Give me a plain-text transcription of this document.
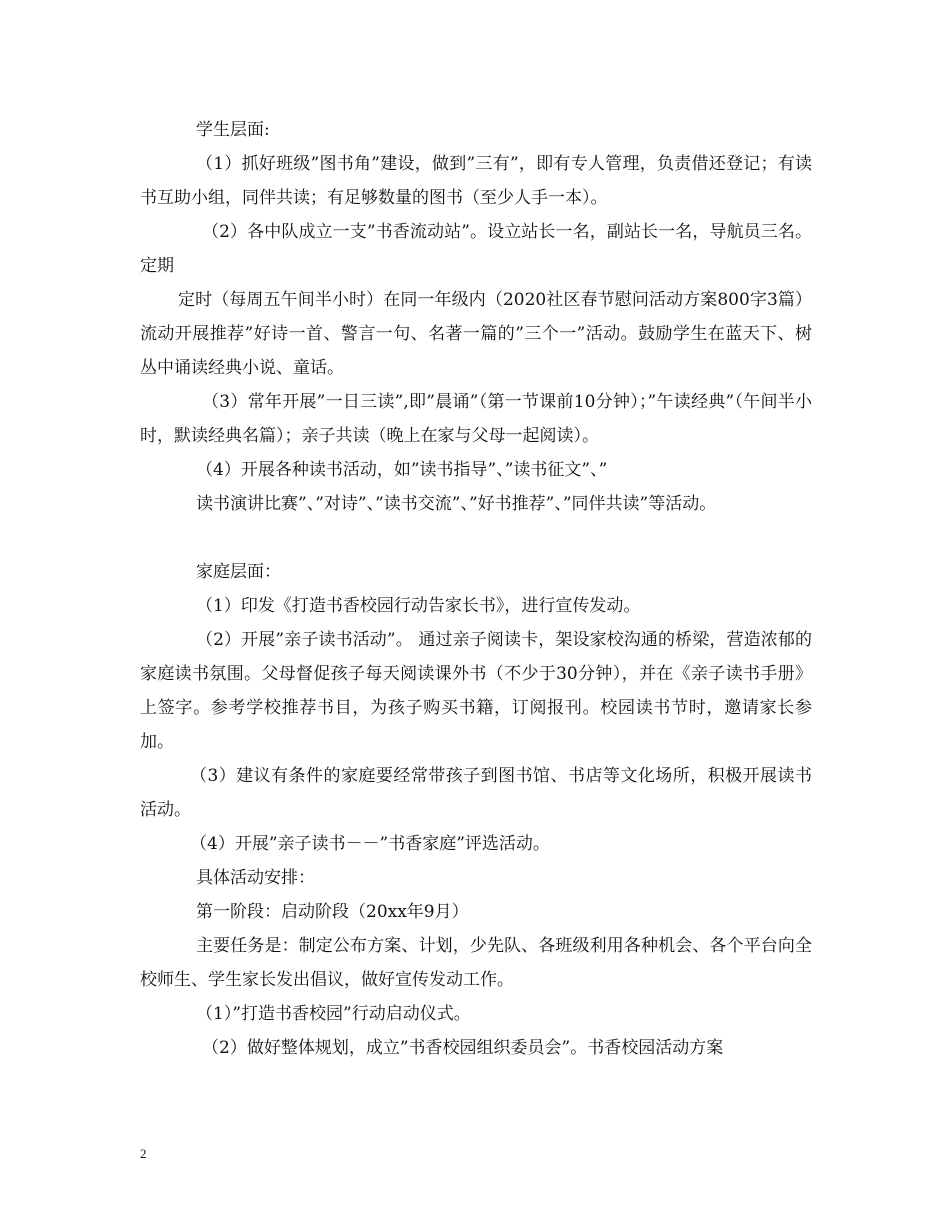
学生层面:

（1）抓好班级”图书角”建设，做到”三有”，即有专人管理，负责借还登记；有读书互助小组，同伴共读；有足够数量的图书（至少人手一本）。

（2）各中队成立一支”书香流动站”。设立站长一名，副站长一名，导航员三名。定期

定时（每周五午间半小时）在同一年级内（2020社区春节慰问活动方案800字3篇）流动开展推荐”好诗一首、警言一句、名著一篇的”三个一”活动。鼓励学生在蓝天下、树丛中诵读经典小说、童话。

（3）常年开展”一日三读”,即”晨诵”（第一节课前10分钟）；”午读经典”（午间半小时，默读经典名篇）；亲子共读（晚上在家与父母一起阅读）。

（4）开展各种读书活动，如”读书指导”、”读书征文”、”

读书演讲比赛”、”对诗”、”读书交流”、”好书推荐”、”同伴共读”等活动。

家庭层面：

（1）印发《打造书香校园行动告家长书》，进行宣传发动。

（2）开展”亲子读书活动”。 通过亲子阅读卡，架设家校沟通的桥梁，营造浓郁的家庭读书氛围。父母督促孩子每天阅读课外书（不少于30分钟），并在《亲子读书手册》上签字。参考学校推荐书目，为孩子购买书籍，订阅报刊。校园读书节时，邀请家长参加。

（3）建议有条件的家庭要经常带孩子到图书馆、书店等文化场所，积极开展读书活动。

（4）开展”亲子读书－－”书香家庭”评选活动。

具体活动安排：

第一阶段：启动阶段（20xx年9月）

主要任务是：制定公布方案、计划，少先队、各班级利用各种机会、各个平台向全校师生、学生家长发出倡议，做好宣传发动工作。

（1）”打造书香校园”行动启动仪式。

（2）做好整体规划，成立”书香校园组织委员会”。书香校园活动方案

2
